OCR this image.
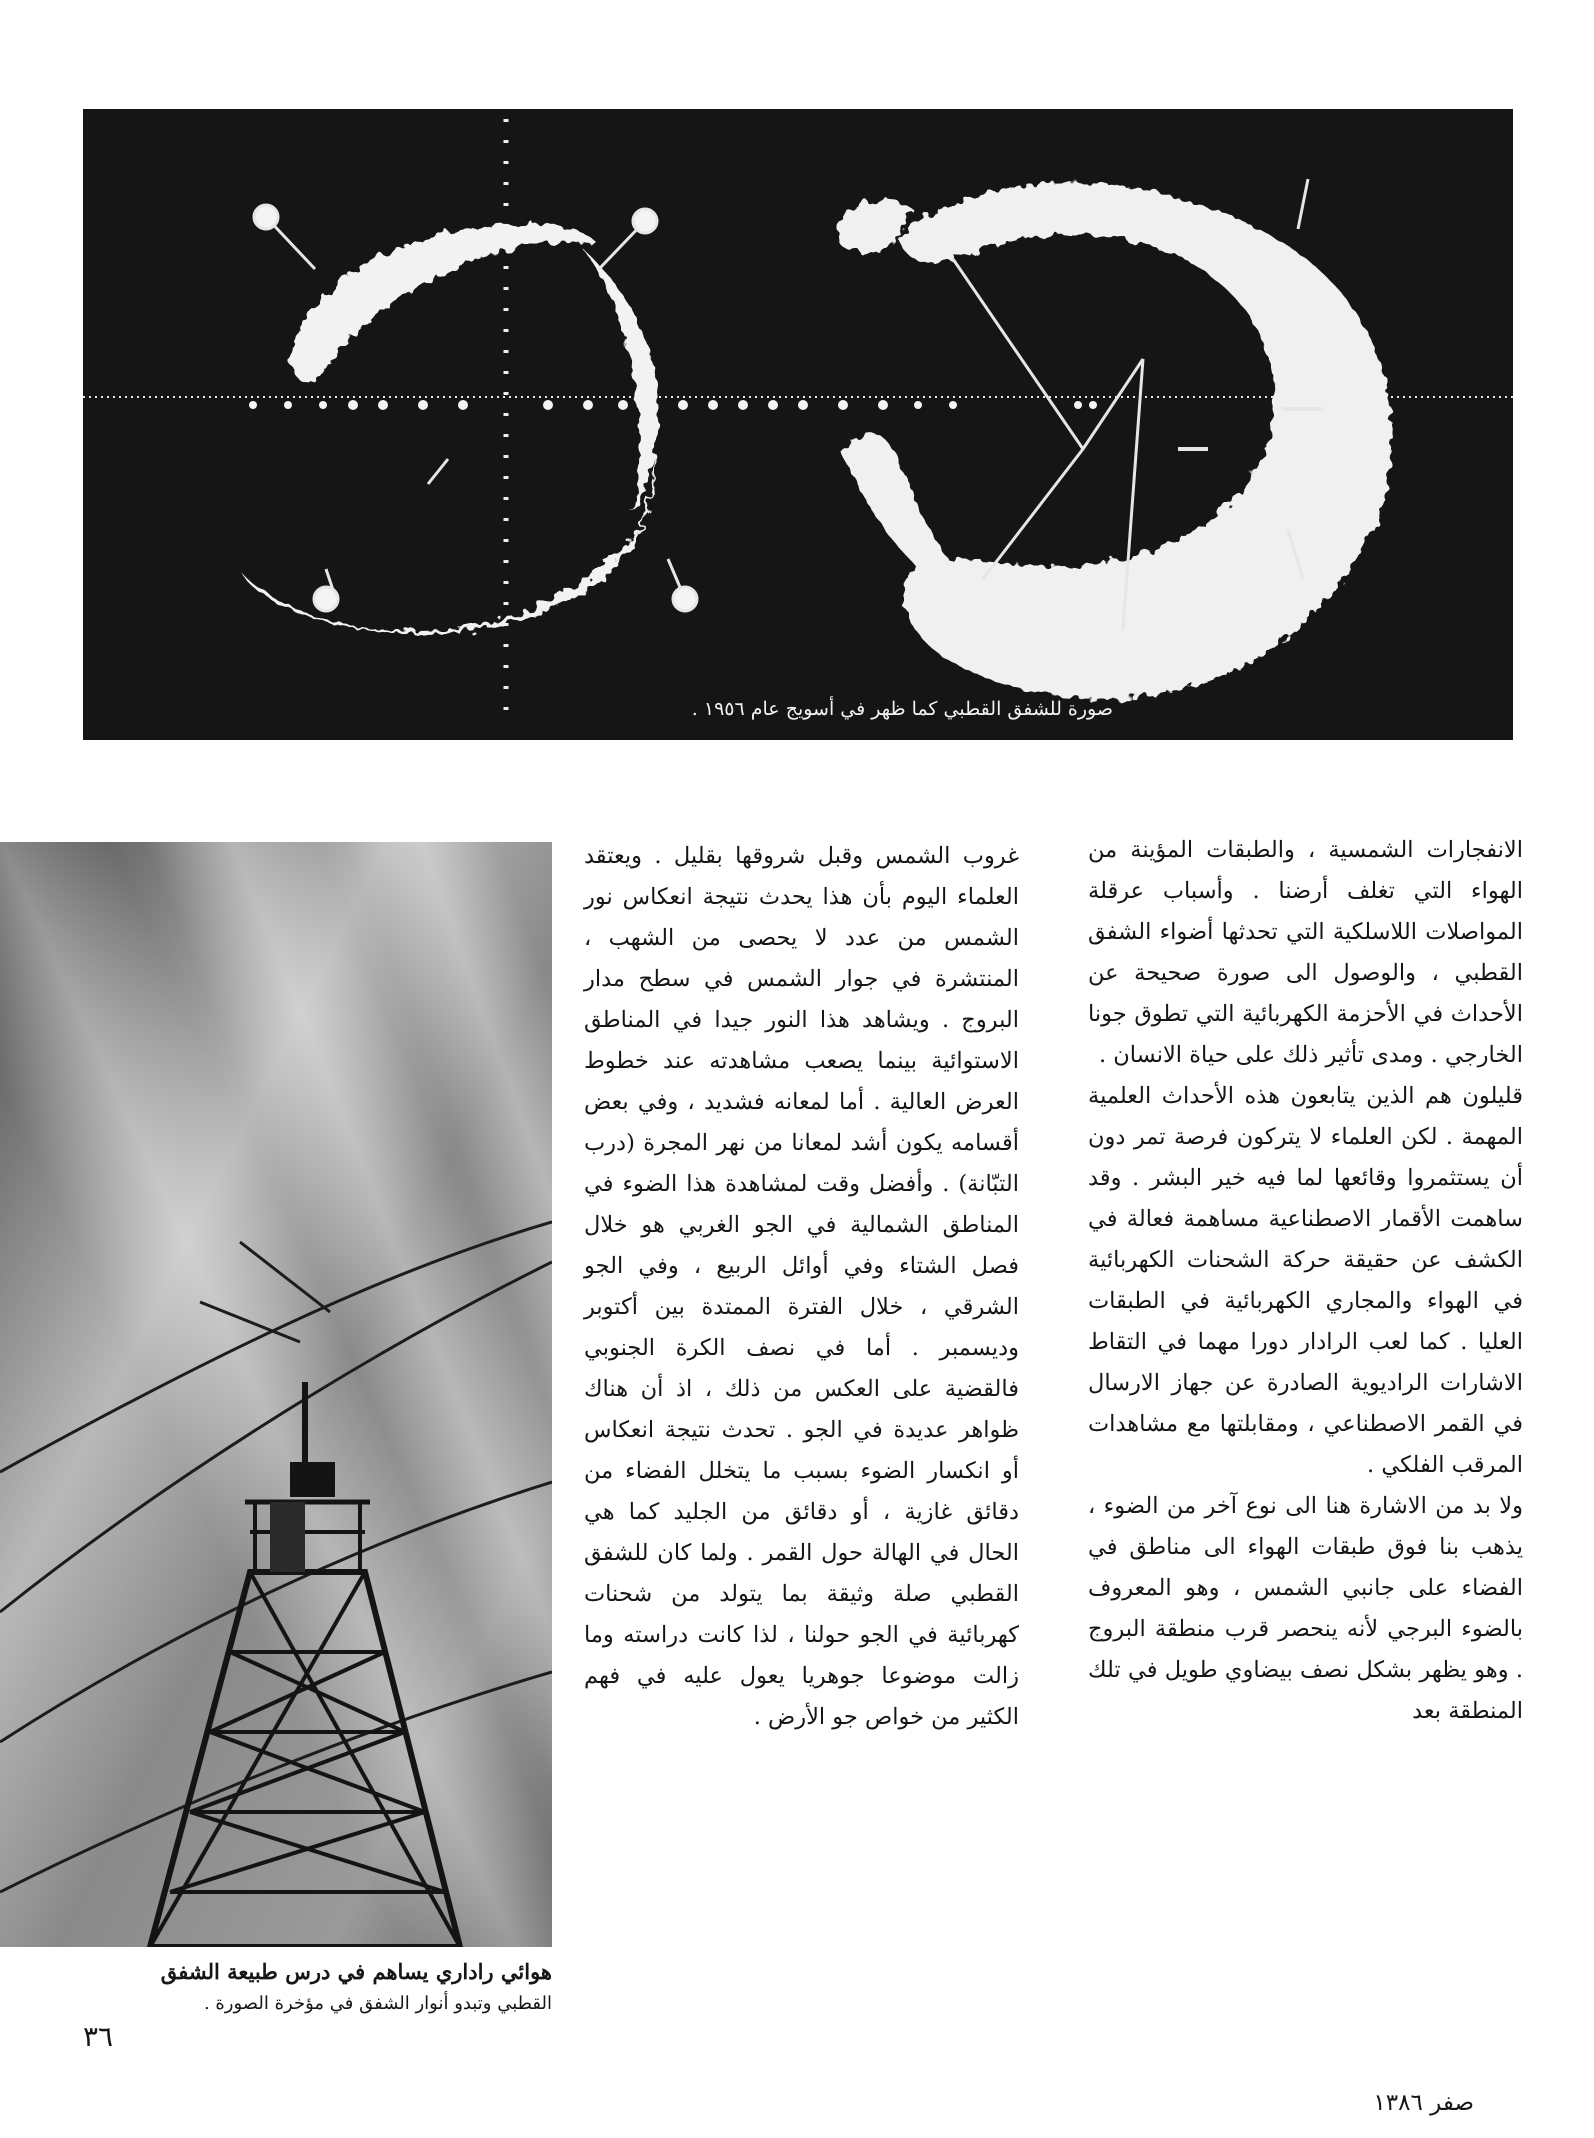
صورة للشفق القطبي كما ظهر في أسويج عام ١٩٥٦ .
هوائي راداري يساهم في درس طبيعة الشفق
القطبي وتبدو أنوار الشفق في مؤخرة الصورة .

الانفجارات الشمسية ، والطبقات المؤينة من الهواء التي تغلف أرضنا . وأسباب عرقلة المواصلات اللاسلكية التي تحدثها أضواء الشفق القطبي ، والوصول الى صورة صحيحة عن الأحداث في الأحزمة الكهربائية التي تطوق جونا الخارجي . ومدى تأثير ذلك على حياة الانسان .

قليلون هم الذين يتابعون هذه الأحداث العلمية المهمة . لكن العلماء لا يتركون فرصة تمر دون أن يستثمروا وقائعها لما فيه خير البشر . وقد ساهمت الأقمار الاصطناعية مساهمة فعالة في الكشف عن حقيقة حركة الشحنات الكهربائية في الهواء والمجاري الكهربائية في الطبقات العليا . كما لعب الرادار دورا مهما في التقاط الاشارات الراديوية الصادرة عن جهاز الارسال في القمر الاصطناعي ، ومقابلتها مع مشاهدات المرقب الفلكي .

ولا بد من الاشارة هنا الى نوع آخر من الضوء ، يذهب بنا فوق طبقات الهواء الى مناطق في الفضاء على جانبي الشمس ، وهو المعروف بالضوء البرجي لأنه ينحصر قرب منطقة البروج . وهو يظهر بشكل نصف بيضاوي طويل في تلك المنطقة بعد

غروب الشمس وقبل شروقها بقليل . ويعتقد العلماء اليوم بأن هذا يحدث نتيجة انعكاس نور الشمس من عدد لا يحصى من الشهب ، المنتشرة في جوار الشمس في سطح مدار البروج . ويشاهد هذا النور جيدا في المناطق الاستوائية بينما يصعب مشاهدته عند خطوط العرض العالية . أما لمعانه فشديد ، وفي بعض أقسامه يكون أشد لمعانا من نهر المجرة (درب التبّانة) . وأفضل وقت لمشاهدة هذا الضوء في المناطق الشمالية في الجو الغربي هو خلال فصل الشتاء وفي أوائل الربيع ، وفي الجو الشرقي ، خلال الفترة الممتدة بين أكتوبر وديسمبر . أما في نصف الكرة الجنوبي فالقضية على العكس من ذلك ، اذ أن هناك ظواهر عديدة في الجو . تحدث نتيجة انعكاس أو انكسار الضوء بسبب ما يتخلل الفضاء من دقائق غازية ، أو دقائق من الجليد كما هي الحال في الهالة حول القمر . ولما كان للشفق القطبي صلة وثيقة بما يتولد من شحنات كهربائية في الجو حولنا ، لذا كانت دراسته وما زالت موضوعا جوهريا يعول عليه في فهم الكثير من خواص جو الأرض .

٣٦
صفر ١٣٨٦
